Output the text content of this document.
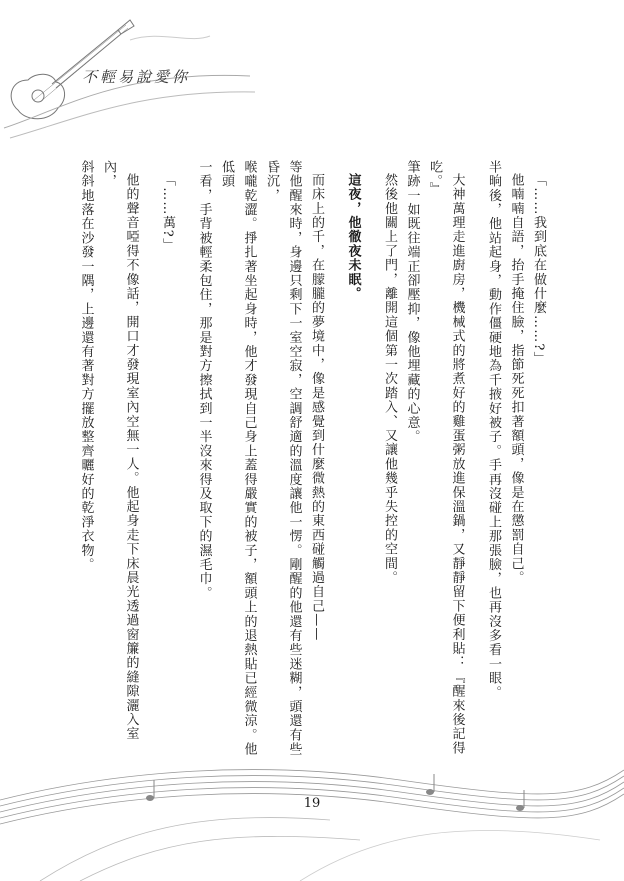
不輕易說愛你

「……我到底在做什麼……?」

他喃喃自語，抬手掩住臉，指節死死扣著額頭，像是在懲罰自己。

半晌後，他站起身，動作僵硬地為千掖好被子。手再沒碰上那張臉，也再沒多看一眼。

大神萬理走進廚房，機械式的將煮好的雞蛋粥放進保溫鍋，又靜靜留下便利貼：『醒來後記得吃。』

筆跡一如既往端正卻壓抑，像他埋藏的心意。

然後他關上了門，離開這個第一次踏入、又讓他幾乎失控的空間。

這夜，他徹夜未眠。

而床上的千，在朦朧的夢境中，像是感覺到什麼微熱的東西碰觸過自己——

等他醒來時，身邊只剩下一室空寂，空調舒適的溫度讓他一愣。剛醒的他還有些迷糊，頭還有些昏沉，

喉嚨乾澀。掙扎著坐起身時，他才發現自己身上蓋得嚴實的被子，額頭上的退熱貼已經微涼。他低頭

一看，手背被輕柔包住，那是對方擦拭到一半沒來得及取下的濕毛巾。

「……萬?」

他的聲音啞得不像話，開口才發現室內空無一人。他起身走下床晨光透過窗簾的縫隙灑入室內，

斜斜地落在沙發一隅，上邊還有著對方擺放整齊曬好的乾淨衣物。

19
